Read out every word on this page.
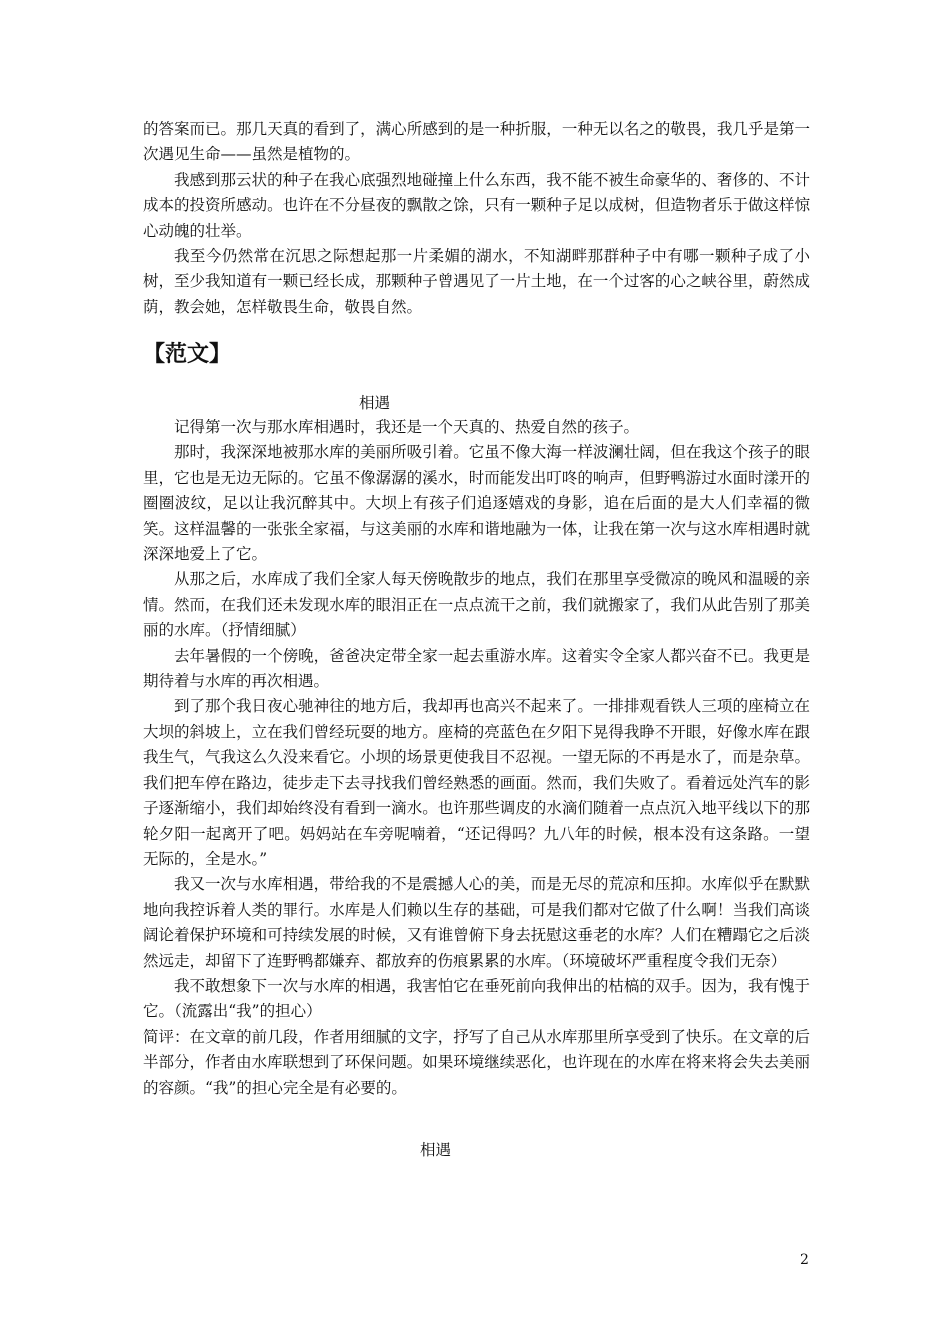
的答案而已。那几天真的看到了，满心所感到的是一种折服，一种无以名之的敬畏，我几乎是第一次遇见生命——虽然是植物的。

我感到那云状的种子在我心底强烈地碰撞上什么东西，我不能不被生命豪华的、奢侈的、不计成本的投资所感动。也许在不分昼夜的飘散之馀，只有一颗种子足以成树，但造物者乐于做这样惊心动魄的壮举。

我至今仍然常在沉思之际想起那一片柔媚的湖水，不知湖畔那群种子中有哪一颗种子成了小树，至少我知道有一颗已经长成，那颗种子曾遇见了一片土地，在一个过客的心之峡谷里，蔚然成荫，教会她，怎样敬畏生命，敬畏自然。

【范文】
相遇

记得第一次与那水库相遇时，我还是一个天真的、热爱自然的孩子。

那时，我深深地被那水库的美丽所吸引着。它虽不像大海一样波澜壮阔，但在我这个孩子的眼里，它也是无边无际的。它虽不像潺潺的溪水，时而能发出叮咚的响声，但野鸭游过水面时漾开的圈圈波纹，足以让我沉醉其中。大坝上有孩子们追逐嬉戏的身影，追在后面的是大人们幸福的微笑。这样温馨的一张张全家福，与这美丽的水库和谐地融为一体，让我在第一次与这水库相遇时就深深地爱上了它。

从那之后，水库成了我们全家人每天傍晚散步的地点，我们在那里享受微凉的晚风和温暖的亲情。然而，在我们还未发现水库的眼泪正在一点点流干之前，我们就搬家了，我们从此告别了那美丽的水库。（抒情细腻）

去年暑假的一个傍晚，爸爸决定带全家一起去重游水库。这着实令全家人都兴奋不已。我更是期待着与水库的再次相遇。

到了那个我日夜心驰神往的地方后，我却再也高兴不起来了。一排排观看铁人三项的座椅立在大坝的斜坡上，立在我们曾经玩耍的地方。座椅的亮蓝色在夕阳下晃得我睁不开眼，好像水库在跟我生气，气我这么久没来看它。小坝的场景更使我目不忍视。一望无际的不再是水了，而是杂草。我们把车停在路边，徒步走下去寻找我们曾经熟悉的画面。然而，我们失败了。看着远处汽车的影子逐渐缩小，我们却始终没有看到一滴水。也许那些调皮的水滴们随着一点点沉入地平线以下的那轮夕阳一起离开了吧。妈妈站在车旁呢喃着，“还记得吗？九八年的时候，根本没有这条路。一望无际的，全是水。”

我又一次与水库相遇，带给我的不是震撼人心的美，而是无尽的荒凉和压抑。水库似乎在默默地向我控诉着人类的罪行。水库是人们赖以生存的基础，可是我们都对它做了什么啊！当我们高谈阔论着保护环境和可持续发展的时候，又有谁曾俯下身去抚慰这垂老的水库？人们在糟蹋它之后淡然远走，却留下了连野鸭都嫌弃、都放弃的伤痕累累的水库。（环境破坏严重程度令我们无奈）

我不敢想象下一次与水库的相遇，我害怕它在垂死前向我伸出的枯槁的双手。因为，我有愧于它。（流露出“我”的担心）

简评：在文章的前几段，作者用细腻的文字，抒写了自己从水库那里所享受到了快乐。在文章的后半部分，作者由水库联想到了环保问题。如果环境继续恶化，也许现在的水库在将来将会失去美丽的容颜。“我”的担心完全是有必要的。

相遇
2
